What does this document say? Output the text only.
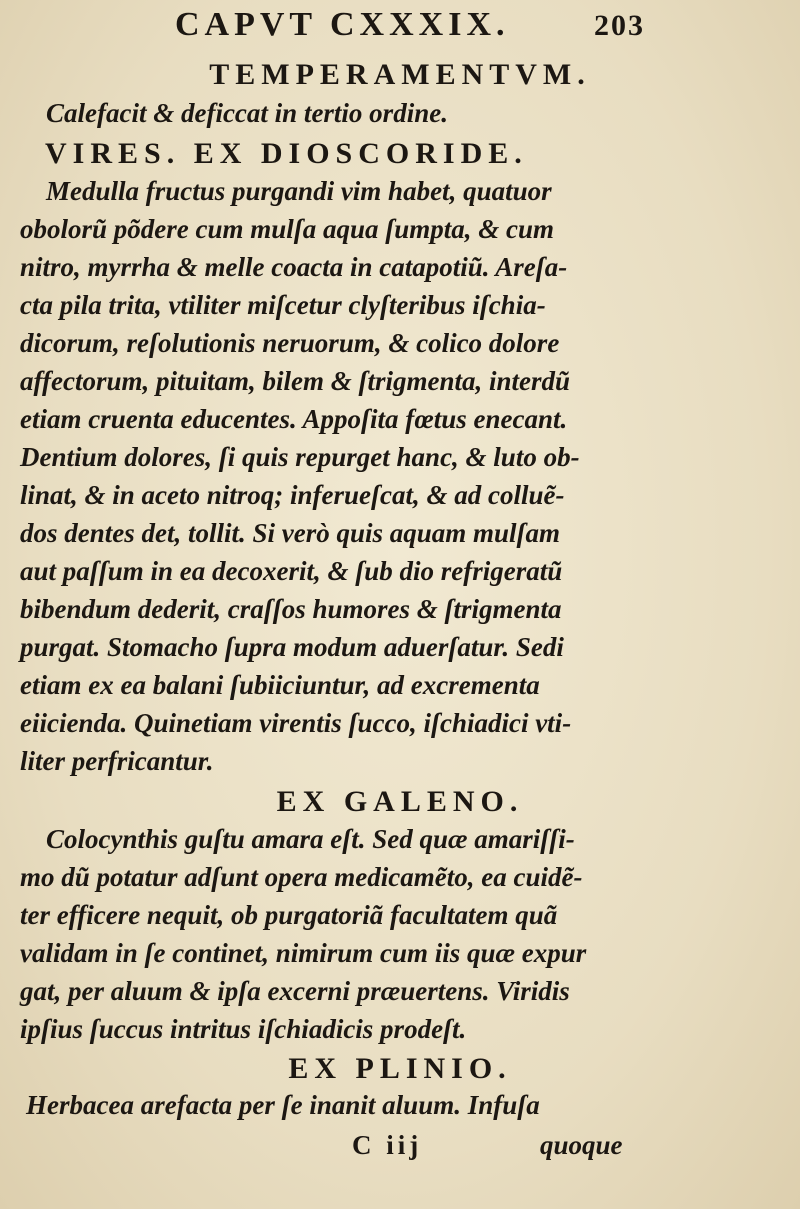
CAPVT CXXXIX.	203
TEMPERAMENTVM.
Calefacit & deficcat in tertio ordine.
VIRES. EX DIOSCORIDE.
Medulla fructus purgandi vim habet, quatuor
obolorũ põdere cum mulſa aqua ſumpta, & cum
nitro, myrrha & melle coacta in catapotiũ. Areſa-
cta pila trita, vtiliter miſcetur clyſteribus iſchia-
dicorum, reſolutionis neruorum, & colico dolore
affectorum, pituitam, bilem & ſtrigmenta, interdũ
etiam cruenta educentes. Appoſita fœtus enecant.
Dentium dolores, ſi quis repurget hanc, & luto ob-
linat, & in aceto nitroq; inferueſcat, & ad colluẽ-
dos dentes det, tollit. Si verò quis aquam mulſam
aut paſſum in ea decoxerit, & ſub dio refrigeratũ
bibendum dederit, craſſos humores & ſtrigmenta
purgat. Stomacho ſupra modum aduerſatur. Sedi
etiam ex ea balani ſubiiciuntur, ad excrementa
eiicienda. Quinetiam virentis ſucco, iſchiadici vti-
liter perfricantur.
EX GALENO.
Colocynthis guſtu amara eſt. Sed quæ amariſſi-
mo dũ potatur adſunt opera medicamẽto, ea cuidẽ-
ter efficere nequit, ob purgatoriã facultatem quã
validam in ſe continet, nimirum cum iis quæ expur
gat, per aluum & ipſa excerni præuertens. Viridis
ipſius ſuccus intritus iſchiadicis prodeſt.
EX PLINIO.
Herbacea arefacta per ſe inanit aluum. Infuſa
C iij	quoque
